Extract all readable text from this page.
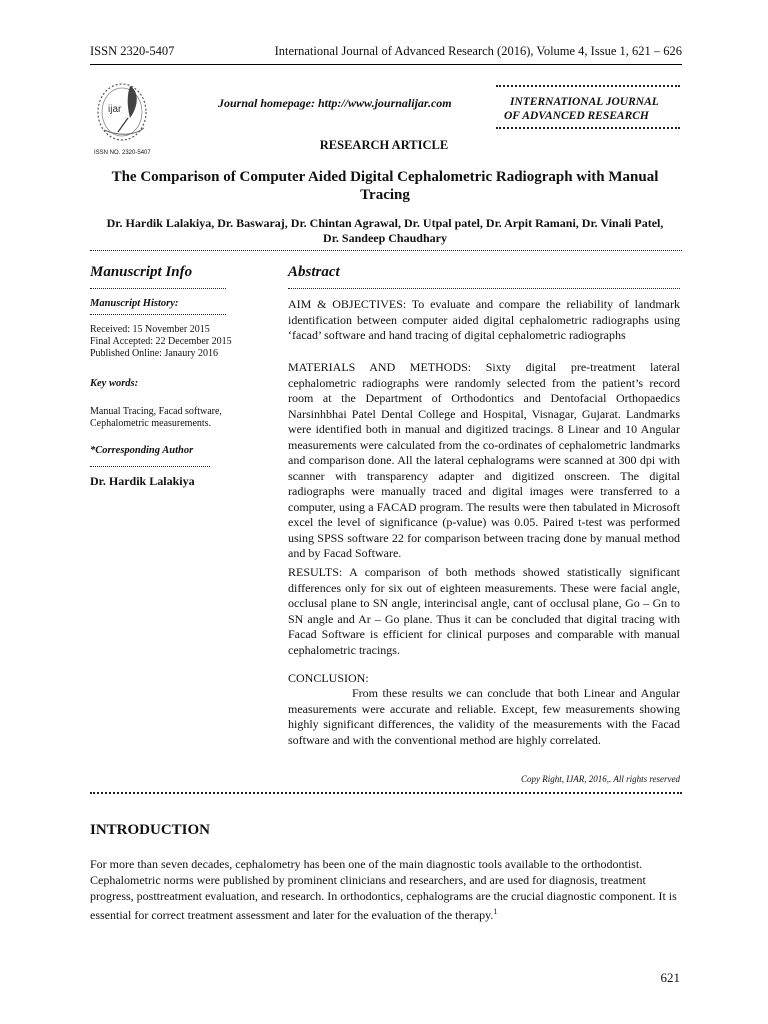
ISSN 2320-5407	International Journal of Advanced Research (2016), Volume 4, Issue 1, 621 – 626
ijar
ISSN NO. 2320-5407
Journal homepage: http://www.journalijar.com	INTERNATIONAL JOURNAL
OF ADVANCED RESEARCH
RESEARCH ARTICLE
The Comparison of Computer Aided Digital Cephalometric Radiograph with Manual Tracing
Dr. Hardik Lalakiya, Dr. Baswaraj, Dr. Chintan Agrawal, Dr. Utpal patel, Dr. Arpit Ramani, Dr. Vinali Patel, Dr. Sandeep Chaudhary
Manuscript Info
Manuscript History:
Received: 15 November 2015
Final Accepted: 22 December 2015
Published Online: Janaury 2016
Key words:
Manual Tracing, Facad software, Cephalometric measurements.
*Corresponding Author
Dr. Hardik Lalakiya
Abstract
AIM & OBJECTIVES: To evaluate and compare the reliability of landmark identification between computer aided digital cephalometric radiographs using ‘facad’ software and hand tracing of digital cephalometric radiographs
MATERIALS AND METHODS: Sixty digital pre-treatment lateral cephalometric radiographs were randomly selected from the patient’s record room at the Department of Orthodontics and Dentofacial Orthopaedics Narsinhbhai Patel Dental College and Hospital, Visnagar, Gujarat. Landmarks were identified both in manual and digitized tracings. 8 Linear and 10 Angular measurements were calculated from the co-ordinates of cephalometric landmarks and comparison done. All the lateral cephalograms were scanned at 300 dpi with scanner with transparency adapter and digitized onscreen. The digital radiographs were manually traced and digital images were transferred to a computer, using a FACAD program. The results were then tabulated in Microsoft excel the level of significance (p-value) was 0.05. Paired t-test was performed using SPSS software 22 for comparison between tracing done by manual method and by Facad Software.
RESULTS: A comparison of both methods showed statistically significant differences only for six out of eighteen measurements. These were facial angle, occlusal plane to SN angle, interincisal angle, cant of occlusal plane, Go – Gn to SN angle and Ar – Go plane. Thus it can be concluded that digital tracing with Facad Software is efficient for clinical purposes and comparable with manual cephalometric tracings.
CONCLUSION:
From these results we can conclude that both Linear and Angular measurements were accurate and reliable. Except, few measurements showing highly significant differences, the validity of the measurements with the Facad software and with the conventional method are highly correlated.
Copy Right, IJAR, 2016,. All rights reserved
INTRODUCTION
For more than seven decades, cephalometry has been one of the main diagnostic tools available to the orthodontist. Cephalometric norms were published by prominent clinicians and researchers, and are used for diagnosis, treatment progress, posttreatment evaluation, and research. In orthodontics, cephalograms are the crucial diagnostic component. It is essential for correct treatment assessment and later for the evaluation of the therapy.$^1$
621
